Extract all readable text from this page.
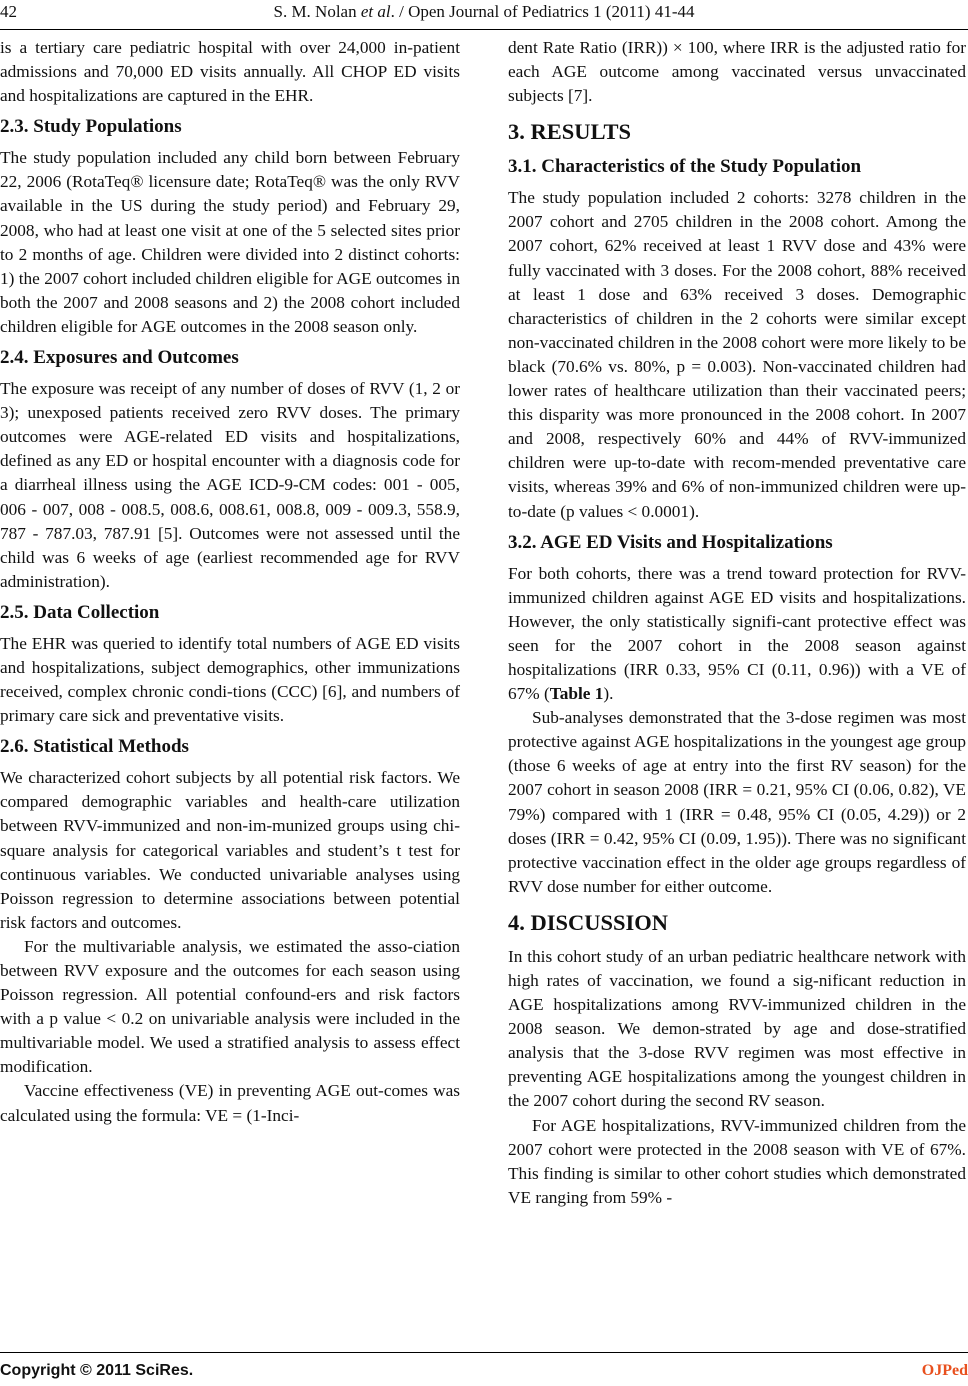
42	S. M. Nolan et al. / Open Journal of Pediatrics 1 (2011) 41-44

is a tertiary care pediatric hospital with over 24,000 in-patient admissions and 70,000 ED visits annually. All CHOP ED visits and hospitalizations are captured in the EHR.

2.3. Study Populations

The study population included any child born between February 22, 2006 (RotaTeq® licensure date; RotaTeq® was the only RVV available in the US during the study period) and February 29, 2008, who had at least one visit at one of the 5 selected sites prior to 2 months of age. Children were divided into 2 distinct cohorts: 1) the 2007 cohort included children eligible for AGE outcomes in both the 2007 and 2008 seasons and 2) the 2008 cohort included children eligible for AGE outcomes in the 2008 season only.

2.4. Exposures and Outcomes

The exposure was receipt of any number of doses of RVV (1, 2 or 3); unexposed patients received zero RVV doses. The primary outcomes were AGE-related ED visits and hospitalizations, defined as any ED or hospital encounter with a diagnosis code for a diarrheal illness using the AGE ICD-9-CM codes: 001 - 005, 006 - 007, 008 - 008.5, 008.6, 008.61, 008.8, 009 - 009.3, 558.9, 787 - 787.03, 787.91 [5]. Outcomes were not assessed until the child was 6 weeks of age (earliest recommended age for RVV administration).

2.5. Data Collection

The EHR was queried to identify total numbers of AGE ED visits and hospitalizations, subject demographics, other immunizations received, complex chronic condi-tions (CCC) [6], and numbers of primary care sick and preventative visits.

2.6. Statistical Methods

We characterized cohort subjects by all potential risk factors. We compared demographic variables and health-care utilization between RVV-immunized and non-im-munized groups using chi-square analysis for categorical variables and student’s t test for continuous variables. We conducted univariable analyses using Poisson regression to determine associations between potential risk factors and outcomes.

For the multivariable analysis, we estimated the asso-ciation between RVV exposure and the outcomes for each season using Poisson regression. All potential confound-ers and risk factors with a p value < 0.2 on univariable analysis were included in the multivariable model. We used a stratified analysis to assess effect modification.

Vaccine effectiveness (VE) in preventing AGE out-comes was calculated using the formula: VE = (1-Inci-

dent Rate Ratio (IRR)) × 100, where IRR is the adjusted ratio for each AGE outcome among vaccinated versus unvaccinated subjects [7].

3. RESULTS
3.1. Characteristics of the Study Population

The study population included 2 cohorts: 3278 children in the 2007 cohort and 2705 children in the 2008 cohort. Among the 2007 cohort, 62% received at least 1 RVV dose and 43% were fully vaccinated with 3 doses. For the 2008 cohort, 88% received at least 1 dose and 63% received 3 doses. Demographic characteristics of children in the 2 cohorts were similar except non-vaccinated children in the 2008 cohort were more likely to be black (70.6% vs. 80%, p = 0.003). Non-vaccinated children had lower rates of healthcare utilization than their vaccinated peers; this disparity was more pronounced in the 2008 cohort. In 2007 and 2008, respectively 60% and 44% of RVV-immunized children were up-to-date with recom-mended preventative care visits, whereas 39% and 6% of non-immunized children were up-to-date (p values < 0.0001).

3.2. AGE ED Visits and Hospitalizations

For both cohorts, there was a trend toward protection for RVV-immunized children against AGE ED visits and hospitalizations. However, the only statistically signifi-cant protective effect was seen for the 2007 cohort in the 2008 season against hospitalizations (IRR 0.33, 95% CI (0.11, 0.96)) with a VE of 67% (Table 1).

Sub-analyses demonstrated that the 3-dose regimen was most protective against AGE hospitalizations in the youngest age group (those 6 weeks of age at entry into the first RV season) for the 2007 cohort in season 2008 (IRR = 0.21, 95% CI (0.06, 0.82), VE 79%) compared with 1 (IRR = 0.48, 95% CI (0.05, 4.29)) or 2 doses (IRR = 0.42, 95% CI (0.09, 1.95)). There was no significant protective vaccination effect in the older age groups regardless of RVV dose number for either outcome.

4. DISCUSSION

In this cohort study of an urban pediatric healthcare network with high rates of vaccination, we found a sig-nificant reduction in AGE hospitalizations among RVV-immunized children in the 2008 season. We demon-strated by age and dose-stratified analysis that the 3-dose RVV regimen was most effective in preventing AGE hospitalizations among the youngest children in the 2007 cohort during the second RV season.

For AGE hospitalizations, RVV-immunized children from the 2007 cohort were protected in the 2008 season with VE of 67%. This finding is similar to other cohort studies which demonstrated VE ranging from 59% -

Copyright © 2011 SciRes.	OJPed
